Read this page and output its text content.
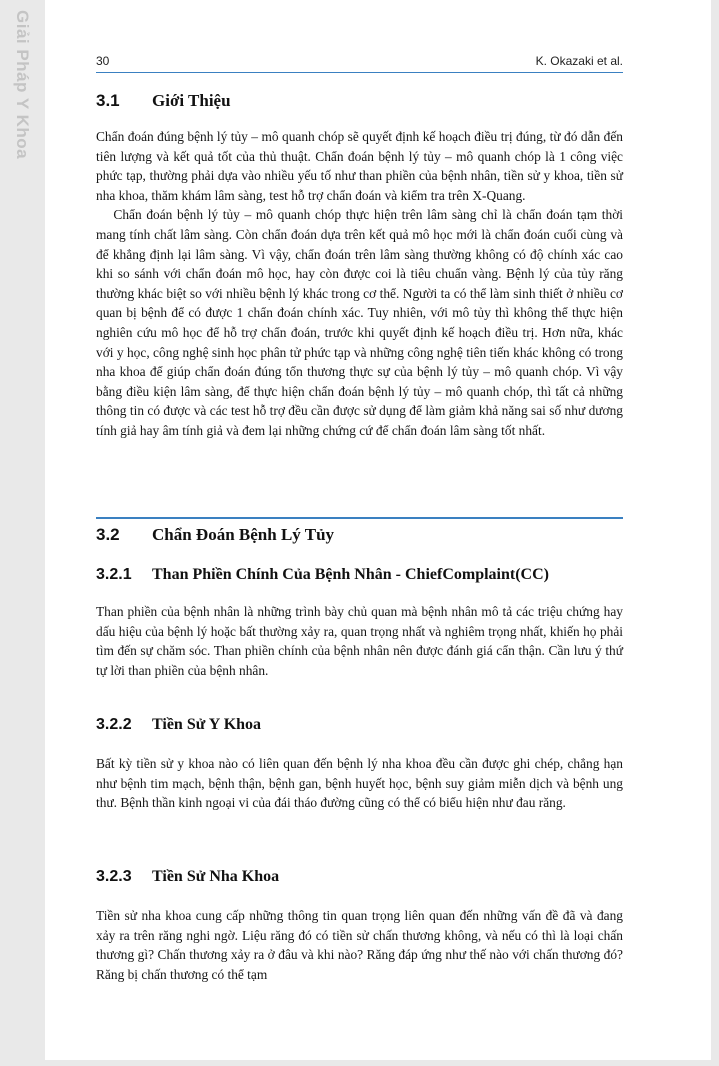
Giải Pháp Y Khoa	30	K. Okazaki et al.
3.1 Giới Thiệu

Chẩn đoán đúng bệnh lý tủy – mô quanh chóp sẽ quyết định kế hoạch điều trị đúng, từ đó dẫn đến tiên lượng và kết quả tốt của thủ thuật. Chẩn đoán bệnh lý tủy – mô quanh chóp là 1 công việc phức tạp, thường phải dựa vào nhiều yếu tố như than phiền của bệnh nhân, tiền sử y khoa, tiền sử nha khoa, thăm khám lâm sàng, test hỗ trợ chẩn đoán và kiểm tra trên X-Quang.

Chẩn đoán bệnh lý tủy – mô quanh chóp thực hiện trên lâm sàng chỉ là chẩn đoán tạm thời mang tính chất lâm sàng. Còn chẩn đoán dựa trên kết quả mô học mới là chẩn đoán cuối cùng và để khẳng định lại lâm sàng. Vì vậy, chẩn đoán trên lâm sàng thường không có độ chính xác cao khi so sánh với chẩn đoán mô học, hay còn được coi là tiêu chuẩn vàng. Bệnh lý của tủy răng thường khác biệt so với nhiều bệnh lý khác trong cơ thể. Người ta có thể làm sinh thiết ở nhiều cơ quan bị bệnh để có được 1 chẩn đoán chính xác. Tuy nhiên, với mô tủy thì không thể thực hiện nghiên cứu mô học để hỗ trợ chẩn đoán, trước khi quyết định kế hoạch điều trị. Hơn nữa, khác với y học, công nghệ sinh học phân tử phức tạp và những công nghệ tiên tiến khác không có trong nha khoa để giúp chẩn đoán đúng tổn thương thực sự của bệnh lý tủy – mô quanh chóp. Vì vậy bằng điều kiện lâm sàng, để thực hiện chẩn đoán bệnh lý tủy – mô quanh chóp, thì tất cả những thông tin có được và các test hỗ trợ đều cần được sử dụng để làm giảm khả năng sai số như dương tính giả hay âm tính giả và đem lại những chứng cứ để chẩn đoán lâm sàng tốt nhất.

3.2 Chẩn Đoán Bệnh Lý Tủy
3.2.1 Than Phiền Chính Của Bệnh Nhân - ChiefComplaint(CC)

Than phiền của bệnh nhân là những trình bày chủ quan mà bệnh nhân mô tả các triệu chứng hay dấu hiệu của bệnh lý hoặc bất thường xảy ra, quan trọng nhất và nghiêm trọng nhất, khiến họ phải tìm đến sự chăm sóc. Than phiền chính của bệnh nhân nên được đánh giá cẩn thận. Cần lưu ý thứ tự lời than phiền của bệnh nhân.

3.2.2 Tiền Sử Y Khoa

Bất kỳ tiền sử y khoa nào có liên quan đến bệnh lý nha khoa đều cần được ghi chép, chẳng hạn như bệnh tim mạch, bệnh thận, bệnh gan, bệnh huyết học, bệnh suy giảm miễn dịch và bệnh ung thư. Bệnh thần kinh ngoại vi của đái tháo đường cũng có thể có biểu hiện như đau răng.

3.2.3 Tiền Sử Nha Khoa

Tiền sử nha khoa cung cấp những thông tin quan trọng liên quan đến những vấn đề đã và đang xảy ra trên răng nghi ngờ. Liệu răng đó có tiền sử chấn thương không, và nếu có thì là loại chấn thương gì? Chấn thương xảy ra ở đâu và khi nào? Răng đáp ứng như thế nào với chấn thương đó? Răng bị chấn thương có thể tạm
